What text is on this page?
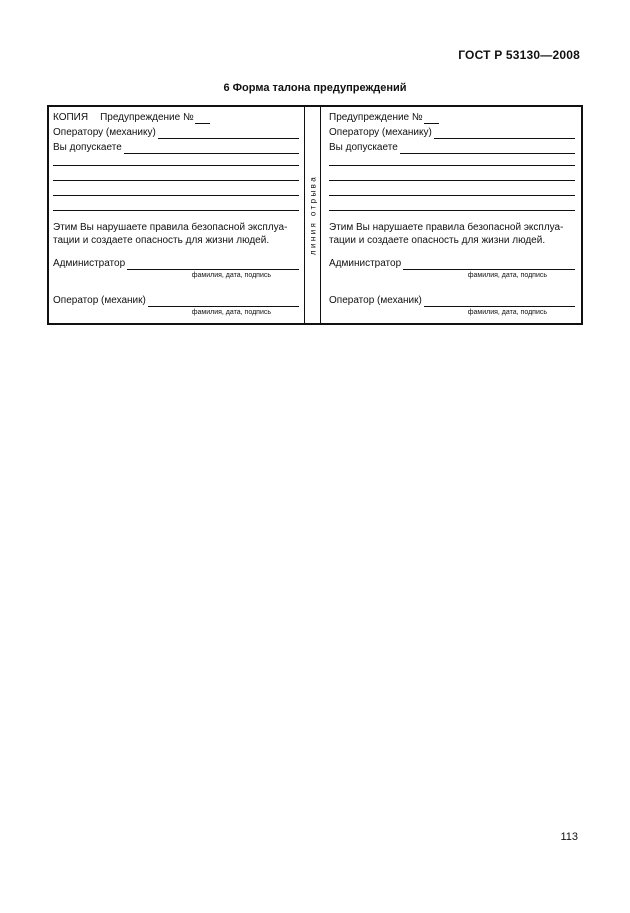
ГОСТ Р 53130—2008
6 Форма талона предупреждений
КОПИЯ Предупреждение №
Оператору (механику)
Вы допускаете
Этим Вы нарушаете правила безопасной эксплуа-
тации и создаете опасность для жизни людей.
Администратор
фамилия, дата, подпись
Оператор (механик)
фамилия, дата, подпись
линия отрыва
Предупреждение №
Оператору (механику)
Вы допускаете
Этим Вы нарушаете правила безопасной эксплуа-
тации и создаете опасность для жизни людей.
Администратор
фамилия, дата, подпись
Оператор (механик)
фамилия, дата, подпись
113
